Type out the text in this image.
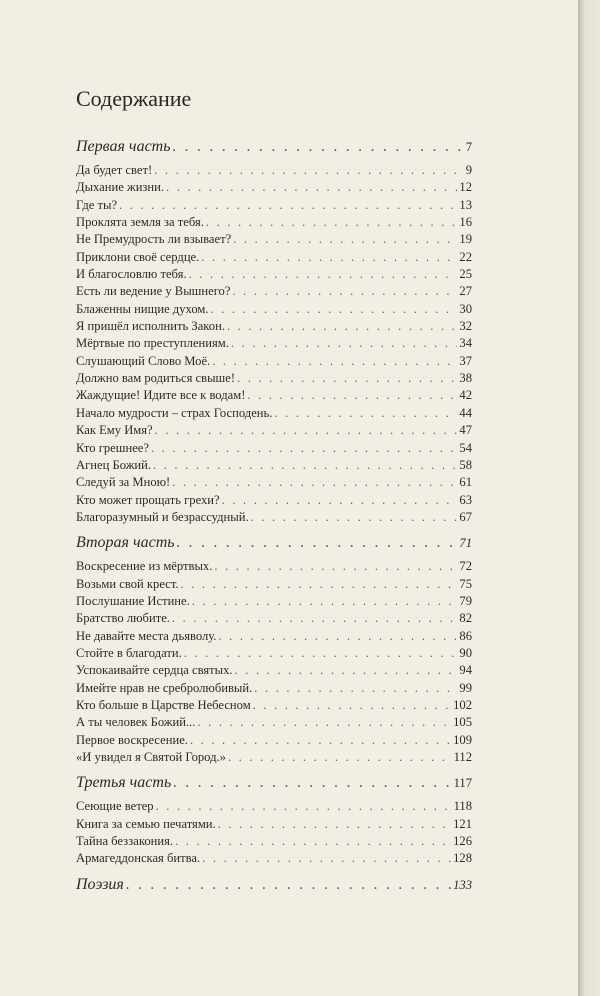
Содержание
Первая часть . . .	7
Да будет свет! . . .	9
Дыхание жизни. . . .	12
Где ты? . . .	13
Проклята земля за тебя. . . .	16
Не Премудрость ли взывает? . . .	19
Приклони своё сердце. . . .	22
И благословлю тебя. . . .	25
Есть ли ведение у Вышнего? . . .	27
Блаженны нищие духом. . . .	30
Я пришёл исполнить Закон. . . .	32
Мёртвые по преступлениям. . . .	34
Слушающий Слово Моё. . . .	37
Должно вам родиться свыше! . . .	38
Жаждущие! Идите все к водам! . . .	42
Начало мудрости – страх Господень. . . .	44
Как Ему Имя? . . .	47
Кто грешнее? . . .	54
Агнец Божий. . . .	58
Следуй за Мною! . . .	61
Кто может прощать грехи? . . .	63
Благоразумный и безрассудный. . . .	67
Вторая часть . . .	71
Воскресение из мёртвых. . . .	72
Возьми свой крест. . . .	75
Послушание Истине. . . .	79
Братство любите. . . .	82
Не давайте места дьяволу. . . .	86
Стойте в благодати. . . .	90
Успокаивайте сердца святых. . . .	94
Имейте нрав не сребролюбивый. . . .	99
Кто больше в Царстве Небесном . . .	102
А ты человек Божий... . . .	105
Первое воскресение. . . .	109
«И увидел я Святой Город.» . . .	112
Третья часть . . .	117
Сеющие ветер . . .	118
Книга за семью печатями. . . .	121
Тайна беззакония. . . .	126
Армагеддонская битва. . . .	128
Поэзия . . .	133
